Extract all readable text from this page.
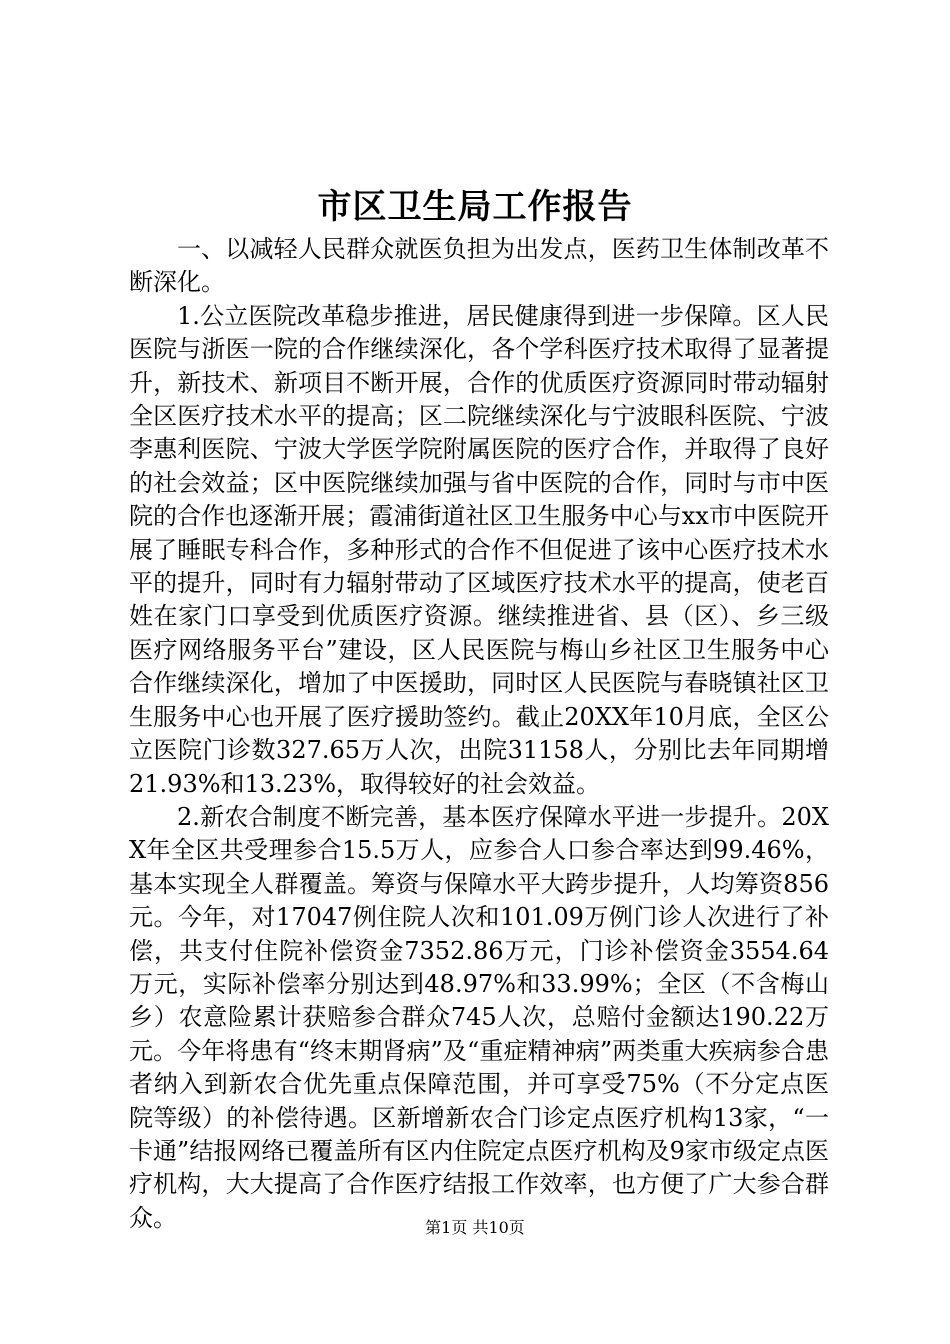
市区卫生局工作报告

一、以减轻人民群众就医负担为出发点，医药卫生体制改革不断深化。

1.公立医院改革稳步推进，居民健康得到进一步保障。区人民医院与浙医一院的合作继续深化，各个学科医疗技术取得了显著提升，新技术、新项目不断开展，合作的优质医疗资源同时带动辐射全区医疗技术水平的提高；区二院继续深化与宁波眼科医院、宁波李惠利医院、宁波大学医学院附属医院的医疗合作，并取得了良好的社会效益；区中医院继续加强与省中医院的合作，同时与市中医院的合作也逐渐开展；霞浦街道社区卫生服务中心与xx市中医院开展了睡眠专科合作，多种形式的合作不但促进了该中心医疗技术水平的提升，同时有力辐射带动了区域医疗技术水平的提高，使老百姓在家门口享受到优质医疗资源。继续推进省、县（区）、乡三级医疗网络服务平台”建设，区人民医院与梅山乡社区卫生服务中心合作继续深化，增加了中医援助，同时区人民医院与春晓镇社区卫生服务中心也开展了医疗援助签约。截止20XX年10月底，全区公立医院门诊数327.65万人次，出院31158人，分别比去年同期增21.93%和13.23%，取得较好的社会效益。

2.新农合制度不断完善，基本医疗保障水平进一步提升。20XX年全区共受理参合15.5万人，应参合人口参合率达到99.46%，基本实现全人群覆盖。筹资与保障水平大跨步提升，人均筹资856元。今年，对17047例住院人次和101.09万例门诊人次进行了补偿，共支付住院补偿资金7352.86万元，门诊补偿资金3554.64万元，实际补偿率分别达到48.97%和33.99%；全区（不含梅山乡）农意险累计获赔参合群众745人次，总赔付金额达190.22万元。今年将患有“终末期肾病”及“重症精神病”两类重大疾病参合患者纳入到新农合优先重点保障范围，并可享受75%（不分定点医院等级）的补偿待遇。区新增新农合门诊定点医疗机构13家，“一卡通”结报网络已覆盖所有区内住院定点医疗机构及9家市级定点医疗机构，大大提高了合作医疗结报工作效率，也方便了广大参合群众。	第1页 共10页
